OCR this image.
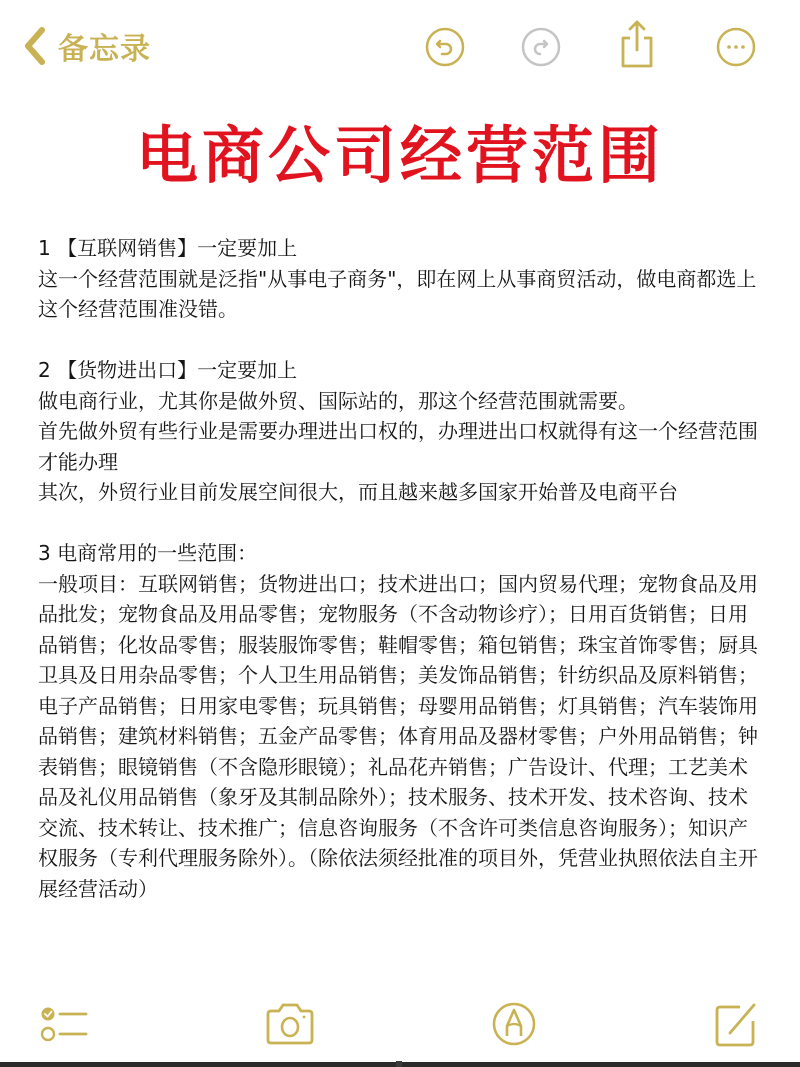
备忘录
电商公司经营范围

1 【互联网销售】一定要加上

这一个经营范围就是泛指"从事电子商务"，即在网上从事商贸活动，做电商都选上这个经营范围准没错。

2 【货物进出口】一定要加上

做电商行业，尤其你是做外贸、国际站的，那这个经营范围就需要。

首先做外贸有些行业是需要办理进出口权的，办理进出口权就得有这一个经营范围才能办理

其次，外贸行业目前发展空间很大，而且越来越多国家开始普及电商平台

3 电商常用的一些范围：

一般项目：互联网销售；货物进出口；技术进出口；国内贸易代理；宠物食品及用品批发；宠物食品及用品零售；宠物服务（不含动物诊疗）；日用百货销售；日用品销售；化妆品零售；服装服饰零售；鞋帽零售；箱包销售；珠宝首饰零售；厨具卫具及日用杂品零售；个人卫生用品销售；美发饰品销售；针纺织品及原料销售；电子产品销售；日用家电零售；玩具销售；母婴用品销售；灯具销售；汽车装饰用品销售；建筑材料销售；五金产品零售；体育用品及器材零售；户外用品销售；钟表销售；眼镜销售（不含隐形眼镜）；礼品花卉销售；广告设计、代理；工艺美术品及礼仪用品销售（象牙及其制品除外）；技术服务、技术开发、技术咨询、技术交流、技术转让、技术推广；信息咨询服务（不含许可类信息咨询服务）；知识产权服务（专利代理服务除外）。（除依法须经批准的项目外，凭营业执照依法自主开展经营活动）
